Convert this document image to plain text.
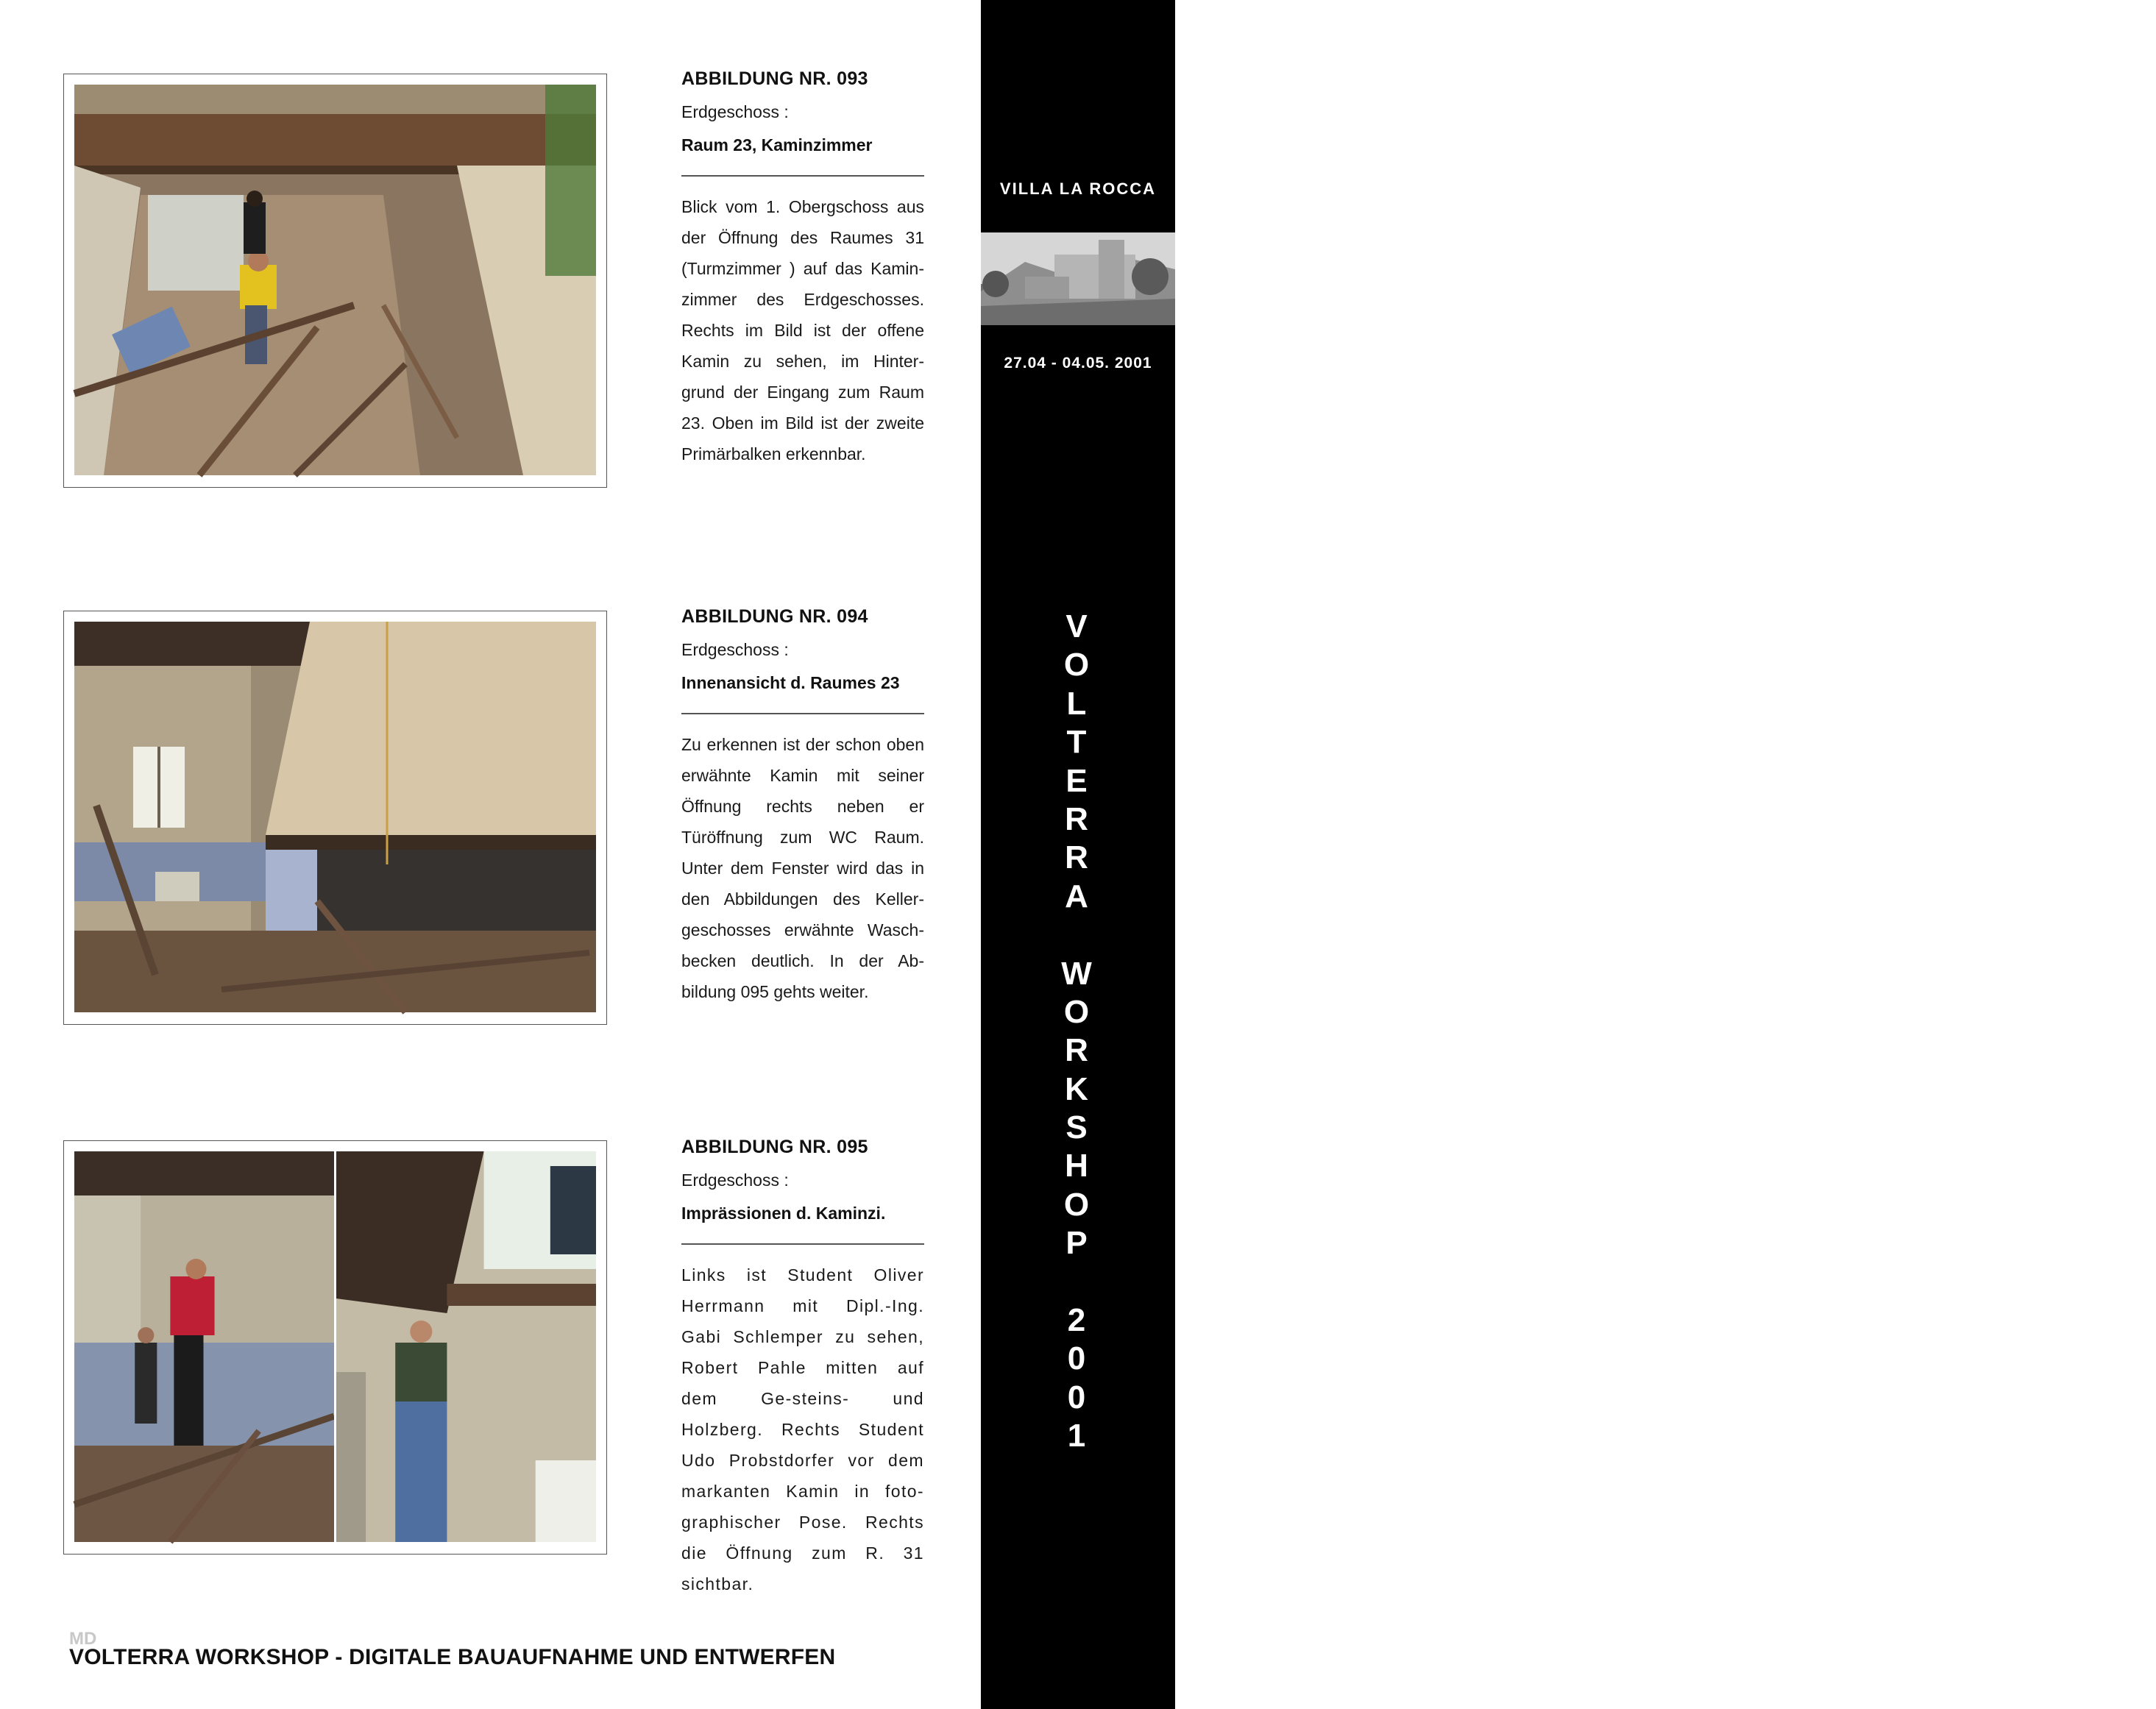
ABBILDUNG NR. 093
Erdgeschoss :
Raum 23, Kaminzimmer
Blick vom 1. Obergschoss aus der Öffnung des Raumes 31 (Turmzimmer ) auf das Kamin-zimmer des Erdgeschosses. Rechts im Bild ist der offene Kamin zu sehen, im Hinter-grund der Eingang zum Raum 23. Oben im Bild ist der zweite Primärbalken erkennbar.
ABBILDUNG NR. 094
Erdgeschoss :
Innenansicht d. Raumes 23
Zu erkennen ist der schon oben erwähnte Kamin mit seiner Öffnung rechts neben er Türöffnung zum WC Raum. Unter dem Fenster wird das in den Abbildungen des Keller-geschosses erwähnte Wasch-becken deutlich. In der Ab-bildung 095 gehts weiter.
ABBILDUNG NR. 095
Erdgeschoss :
Imprässionen d. Kaminzi.
Links ist Student Oliver Herrmann mit Dipl.-Ing. Gabi Schlemper zu sehen, Robert Pahle mitten auf dem Ge-steins- und Holzberg. Rechts Student Udo Probstdorfer vor dem markanten Kamin in foto-graphischer Pose. Rechts die Öffnung zum R. 31 sichtbar.
VILLA LA ROCCA
27.04 - 04.05. 2001
65
V
O
L
T
E
R
R
A

W
O
R
K
S
H
O
P

2
0
0
1
MD
VOLTERRA WORKSHOP - DIGITALE BAUAUFNAHME UND ENTWERFEN
